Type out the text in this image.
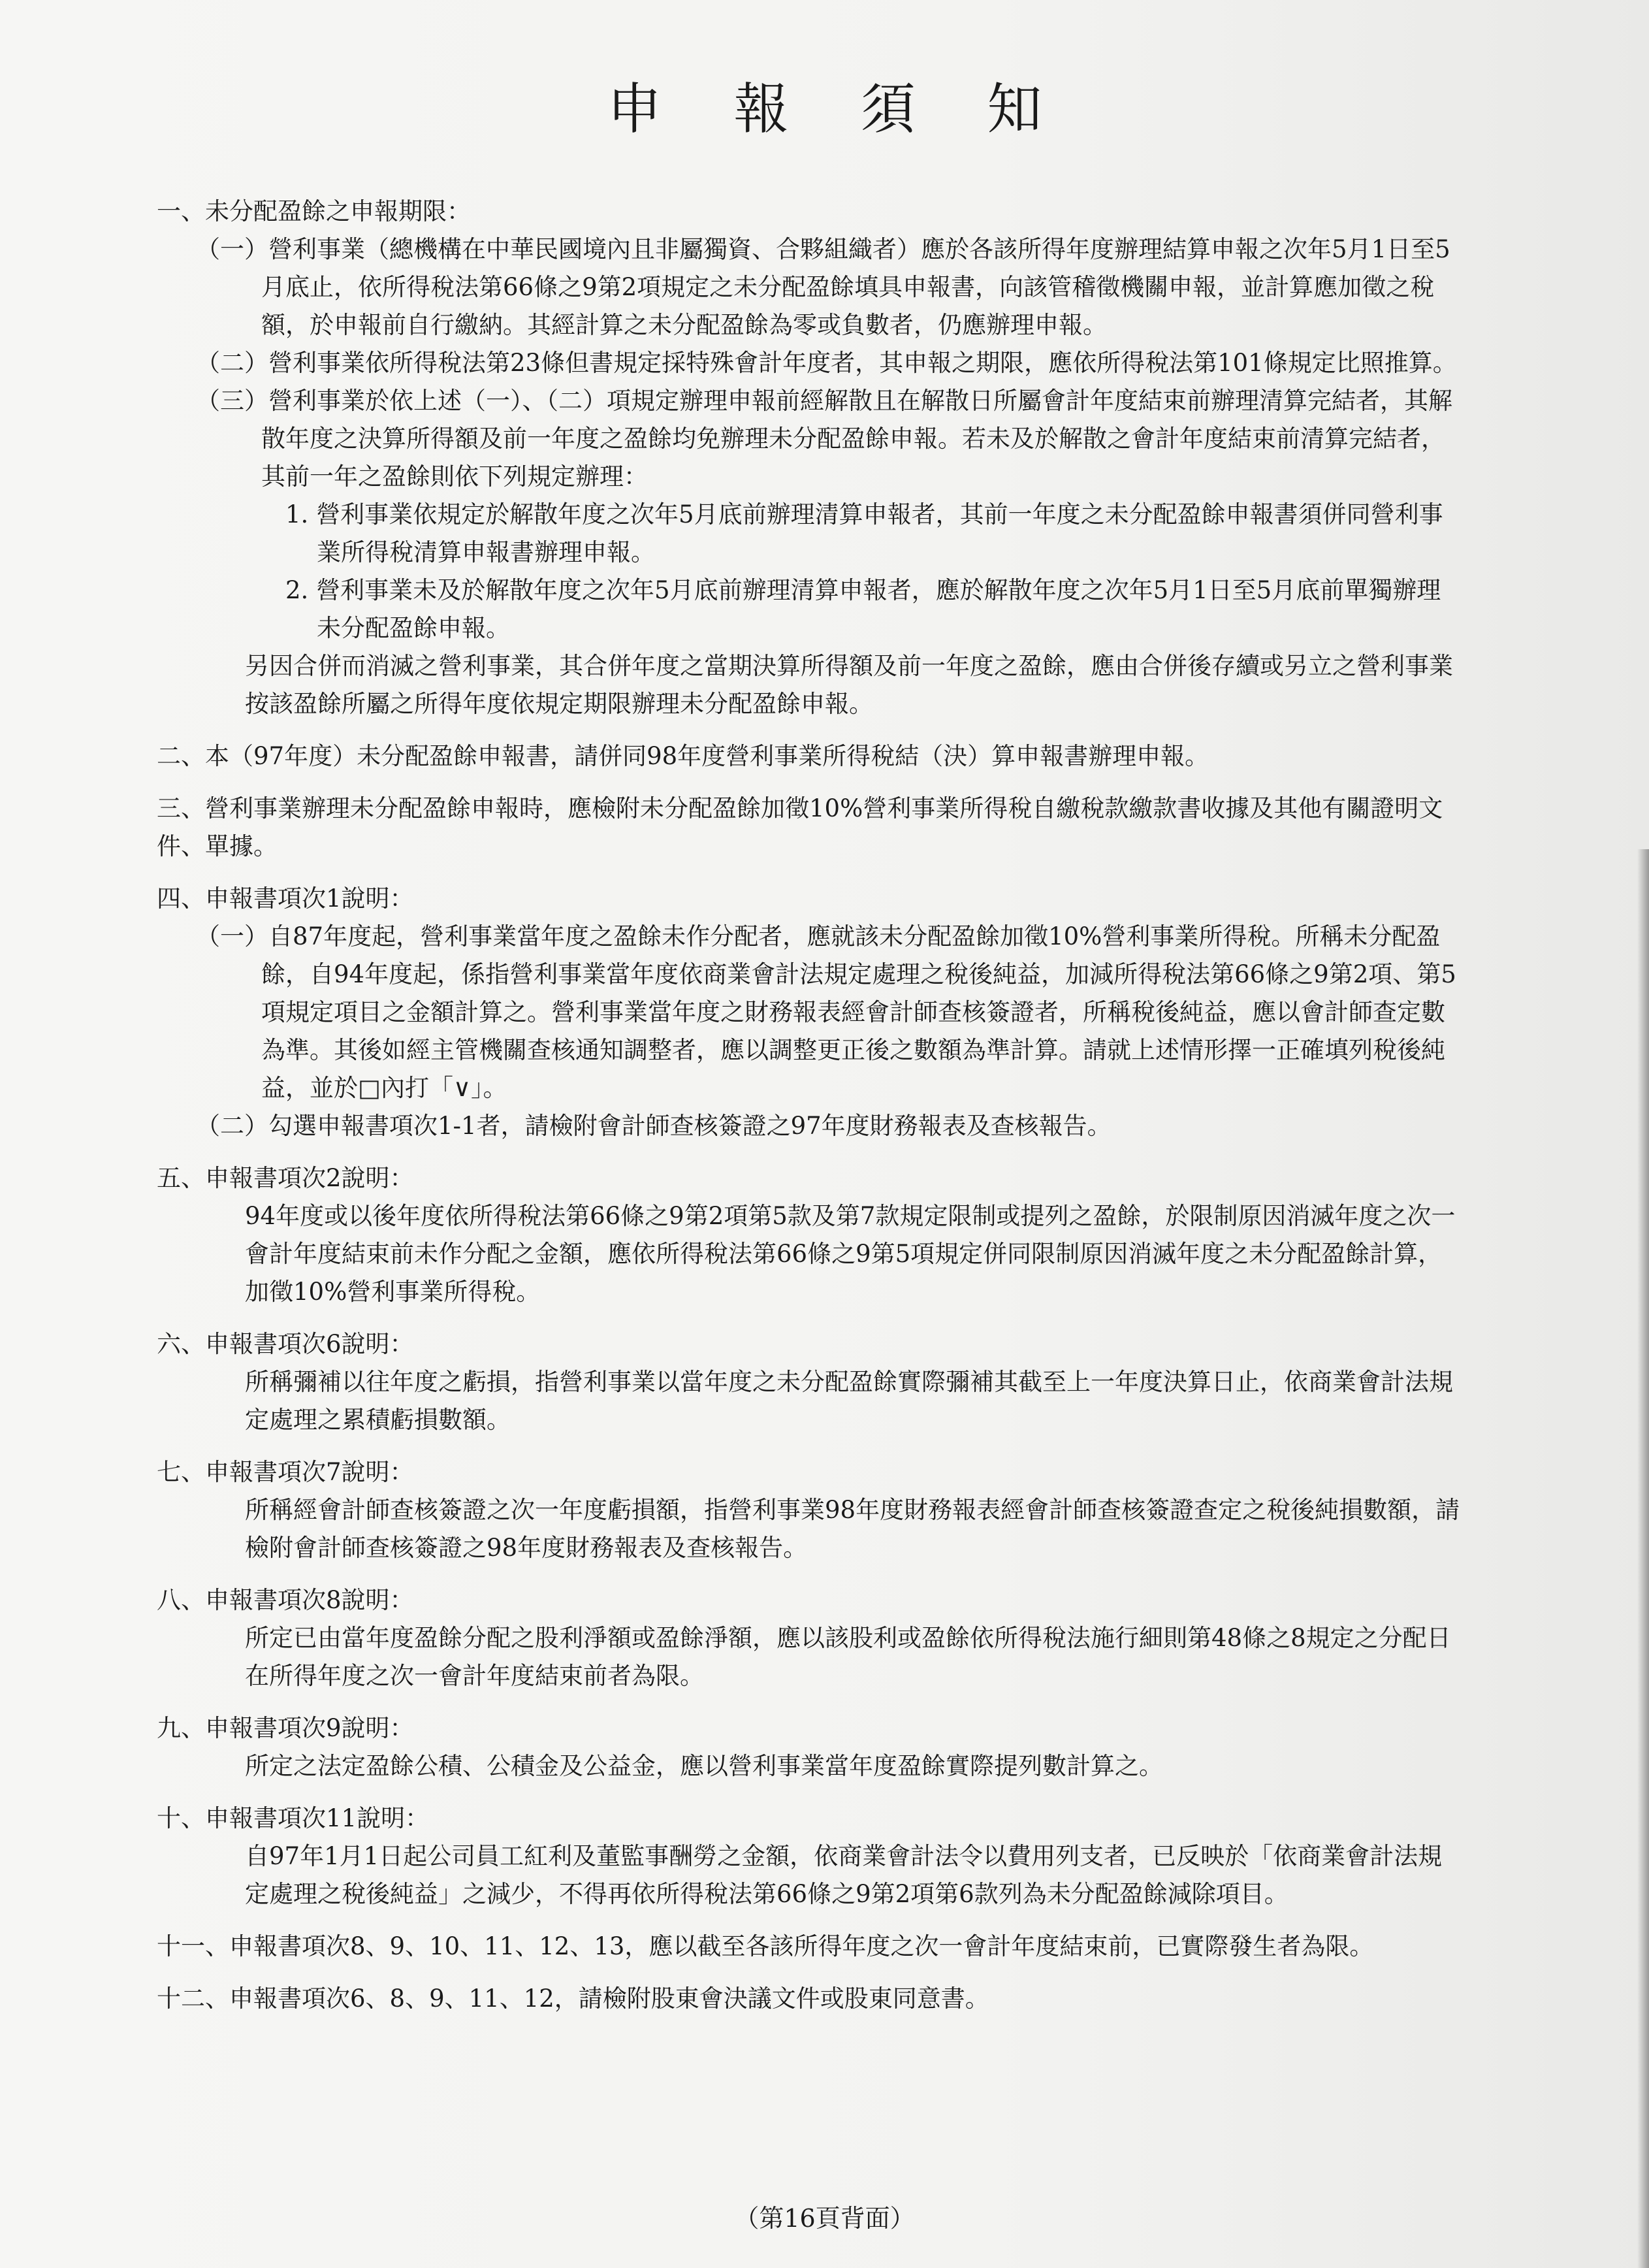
申報須知
一、未分配盈餘之申報期限：
（一）營利事業（總機構在中華民國境內且非屬獨資、合夥組織者）應於各該所得年度辦理結算申報之次年5月1日至5月底止，依所得稅法第66條之9第2項規定之未分配盈餘填具申報書，向該管稽徵機關申報，並計算應加徵之稅額，於申報前自行繳納。其經計算之未分配盈餘為零或負數者，仍應辦理申報。
（二）營利事業依所得稅法第23條但書規定採特殊會計年度者，其申報之期限，應依所得稅法第101條規定比照推算。
（三）營利事業於依上述（一）、（二）項規定辦理申報前經解散且在解散日所屬會計年度結束前辦理清算完結者，其解散年度之決算所得額及前一年度之盈餘均免辦理未分配盈餘申報。若未及於解散之會計年度結束前清算完結者，其前一年之盈餘則依下列規定辦理：
1. 營利事業依規定於解散年度之次年5月底前辦理清算申報者，其前一年度之未分配盈餘申報書須併同營利事業所得稅清算申報書辦理申報。
2. 營利事業未及於解散年度之次年5月底前辦理清算申報者，應於解散年度之次年5月1日至5月底前單獨辦理未分配盈餘申報。
另因合併而消滅之營利事業，其合併年度之當期決算所得額及前一年度之盈餘，應由合併後存續或另立之營利事業按該盈餘所屬之所得年度依規定期限辦理未分配盈餘申報。
二、本（97年度）未分配盈餘申報書，請併同98年度營利事業所得稅結（決）算申報書辦理申報。
三、營利事業辦理未分配盈餘申報時，應檢附未分配盈餘加徵10%營利事業所得稅自繳稅款繳款書收據及其他有關證明文件、單據。
四、申報書項次1說明：
（一）自87年度起，營利事業當年度之盈餘未作分配者，應就該未分配盈餘加徵10%營利事業所得稅。所稱未分配盈餘，自94年度起，係指營利事業當年度依商業會計法規定處理之稅後純益，加減所得稅法第66條之9第2項、第5項規定項目之金額計算之。營利事業當年度之財務報表經會計師查核簽證者，所稱稅後純益，應以會計師查定數為準。其後如經主管機關查核通知調整者，應以調整更正後之數額為準計算。請就上述情形擇一正確填列稅後純益，並於□內打「∨」。
（二）勾選申報書項次1-1者，請檢附會計師查核簽證之97年度財務報表及查核報告。
五、申報書項次2說明：
94年度或以後年度依所得稅法第66條之9第2項第5款及第7款規定限制或提列之盈餘，於限制原因消滅年度之次一會計年度結束前未作分配之金額，應依所得稅法第66條之9第5項規定併同限制原因消滅年度之未分配盈餘計算，加徵10%營利事業所得稅。
六、申報書項次6說明：
所稱彌補以往年度之虧損，指營利事業以當年度之未分配盈餘實際彌補其截至上一年度決算日止，依商業會計法規定處理之累積虧損數額。
七、申報書項次7說明：
所稱經會計師查核簽證之次一年度虧損額，指營利事業98年度財務報表經會計師查核簽證查定之稅後純損數額，請檢附會計師查核簽證之98年度財務報表及查核報告。
八、申報書項次8說明：
所定已由當年度盈餘分配之股利淨額或盈餘淨額，應以該股利或盈餘依所得稅法施行細則第48條之8規定之分配日在所得年度之次一會計年度結束前者為限。
九、申報書項次9說明：
所定之法定盈餘公積、公積金及公益金，應以營利事業當年度盈餘實際提列數計算之。
十、申報書項次11說明：
自97年1月1日起公司員工紅利及董監事酬勞之金額，依商業會計法令以費用列支者，已反映於「依商業會計法規定處理之稅後純益」之減少，不得再依所得稅法第66條之9第2項第6款列為未分配盈餘減除項目。
十一、申報書項次8、9、10、11、12、13，應以截至各該所得年度之次一會計年度結束前，已實際發生者為限。
十二、申報書項次6、8、9、11、12，請檢附股東會決議文件或股東同意書。
（第16頁背面）
